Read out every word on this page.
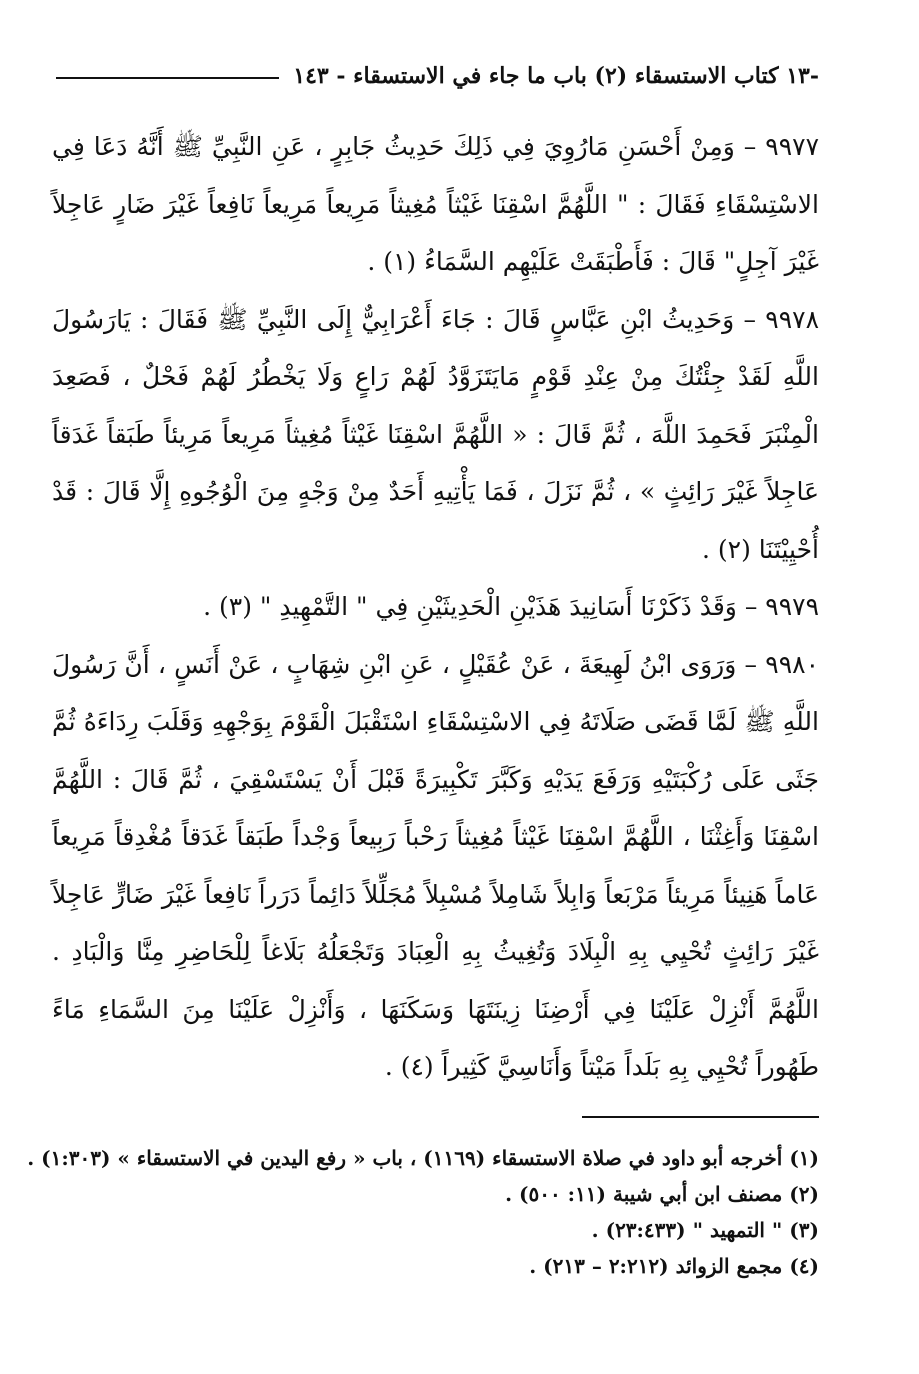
-١٣ كتاب الاستسقاء (٢) باب ما جاء في الاستسقاء - ١٤٣

٩٩٧٧ – وَمِنْ أَحْسَنِ مَارُوِيَ فِي ذَلِكَ حَدِيثُ جَابِرٍ ، عَنِ النَّبِيِّ ﷺ أَنَّهُ دَعَا فِي الاسْتِسْقَاءِ فَقَالَ : " اللَّهُمَّ اسْقِنَا غَيْثاً مُغِيثاً مَرِيعاً مَرِيعاً نَافِعاً غَيْرَ ضَارٍ عَاجِلاً غَيْرَ آجِلٍ" قَالَ : فَأَطْبَقَتْ عَلَيْهِم السَّمَاءُ (١) .

٩٩٧٨ – وَحَدِيثُ ابْنِ عَبَّاسٍ قَالَ : جَاءَ أَعْرَابِيٌّ إِلَى النَّبِيِّ ﷺ فَقَالَ : يَارَسُولَ اللَّهِ لَقَدْ جِئْتُكَ مِنْ عِنْدِ قَوْمٍ مَايَتَزَوَّدُ لَهُمْ رَاعٍ وَلَا يَخْطُرُ لَهُمْ فَحْلٌ ، فَصَعِدَ الْمِنْبَرَ فَحَمِدَ اللَّهَ ، ثُمَّ قَالَ : « اللَّهُمَّ اسْقِنَا غَيْثاً مُغِيثاً مَرِيعاً مَرِيئاً طَبَقاً غَدَقاً عَاجِلاً غَيْرَ رَائِثٍ » ، ثُمَّ نَزَلَ ، فَمَا يَأْتِيهِ أَحَدٌ مِنْ وَجْهٍ مِنَ الْوُجُوهِ إِلَّا قَالَ : قَدْ أُحْيِيْتَنَا (٢) .

٩٩٧٩ – وَقَدْ ذَكَرْنَا أَسَانِيدَ هَذَيْنِ الْحَدِيثَيْنِ فِي " التَّمْهِيدِ " (٣) .

٩٩٨٠ – وَرَوَى ابْنُ لَهِيعَةَ ، عَنْ عُقَيْلٍ ، عَنِ ابْنِ شِهَابٍ ، عَنْ أَنَسٍ ، أَنَّ رَسُولَ اللَّهِ ﷺ لَمَّا قَضَى صَلَاتَهُ فِي الاسْتِسْقَاءِ اسْتَقْبَلَ الْقَوْمَ بِوَجْهِهِ وَقَلَبَ رِدَاءَهُ ثُمَّ جَثَى عَلَى رُكْبَتَيْهِ وَرَفَعَ يَدَيْهِ وَكَبَّرَ تَكْبِيرَةً قَبْلَ أَنْ يَسْتَسْقِيَ ، ثُمَّ قَالَ : اللَّهُمَّ اسْقِنَا وَأَغِثْنَا ، اللَّهُمَّ اسْقِنَا غَيْثاً مُغِيثاً رَحْباً رَبِيعاً وَجْداً طَبَقاً غَدَقاً مُغْدِقاً مَرِيعاً عَاماً هَنِيئاً مَرِيئاً مَرْبَعاً وَابِلاً شَامِلاً مُسْبِلاً مُجَلِّلاً دَائِماً دَرَراً نَافِعاً غَيْرَ ضَارٍّ عَاجِلاً غَيْرَ رَائِثٍ تُحْيِي بِهِ الْبِلَادَ وَتُغِيثُ بِهِ الْعِبَادَ وَتَجْعَلُهُ بَلَاغاً لِلْحَاضِرِ مِنَّا وَالْبَادِ . اللَّهُمَّ أَنْزِلْ عَلَيْنَا فِي أَرْضِنَا زِينَتَهَا وَسَكَنَهَا ، وَأَنْزِلْ عَلَيْنَا مِنَ السَّمَاءِ مَاءً طَهُوراً تُحْيِي بِهِ بَلَداً مَيْتاً وَأَنَاسِيَّ كَثِيراً (٤) .

(١) أخرجه أبو داود في صلاة الاستسقاء (١١٦٩) ، باب « رفع اليدين في الاستسقاء » (١:٣٠٣) .

(٢) مصنف ابن أبي شيبة (١١: ٥٠٠) .

(٣) " التمهيد " (٢٣:٤٣٣) .

(٤) مجمع الزوائد (٢:٢١٢ – ٢١٣) .
